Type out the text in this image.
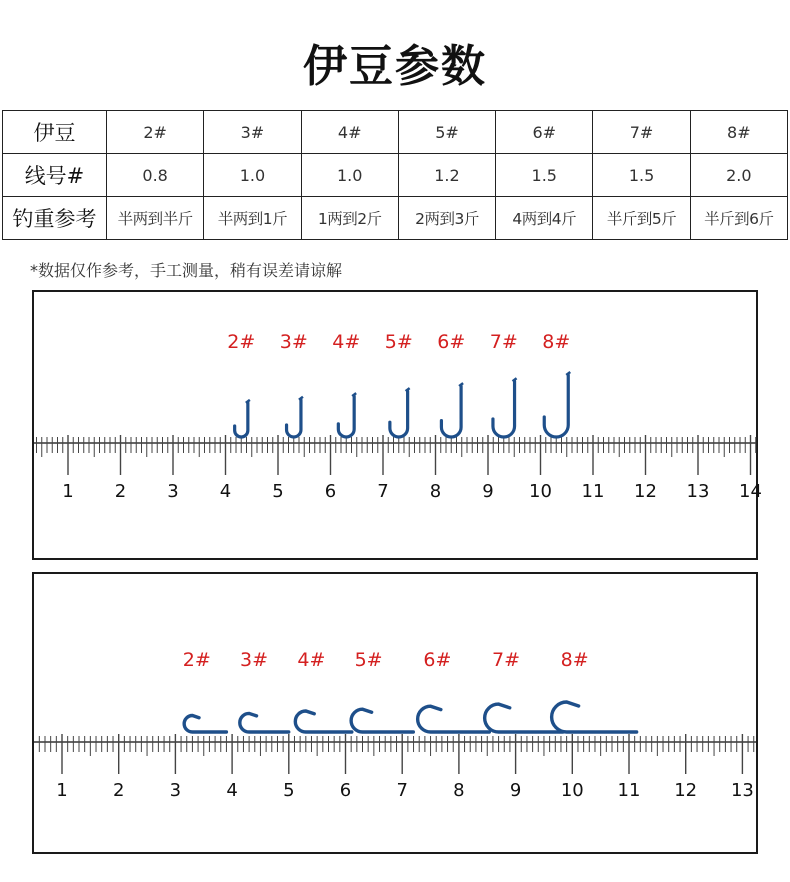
伊豆参数
伊豆	2#	3#	4#	5#	6#	7#	8#
线号#	0.8	1.0	1.0	1.2	1.5	1.5	2.0
钓重参考	半两到半斤	半两到1斤	1两到2斤	2两到3斤	4两到4斤	半斤到5斤	半斤到6斤
*数据仅作参考，手工测量，稍有误差请谅解
1 2 3 4 5 6 7 8 9 10 11 12 13 14
2# 3# 4# 5# 6# 7# 8#
1	2	3	4	5	6	7	8	9 10 11 12 13
2# 3# 4# 5# 6# 7# 8#
